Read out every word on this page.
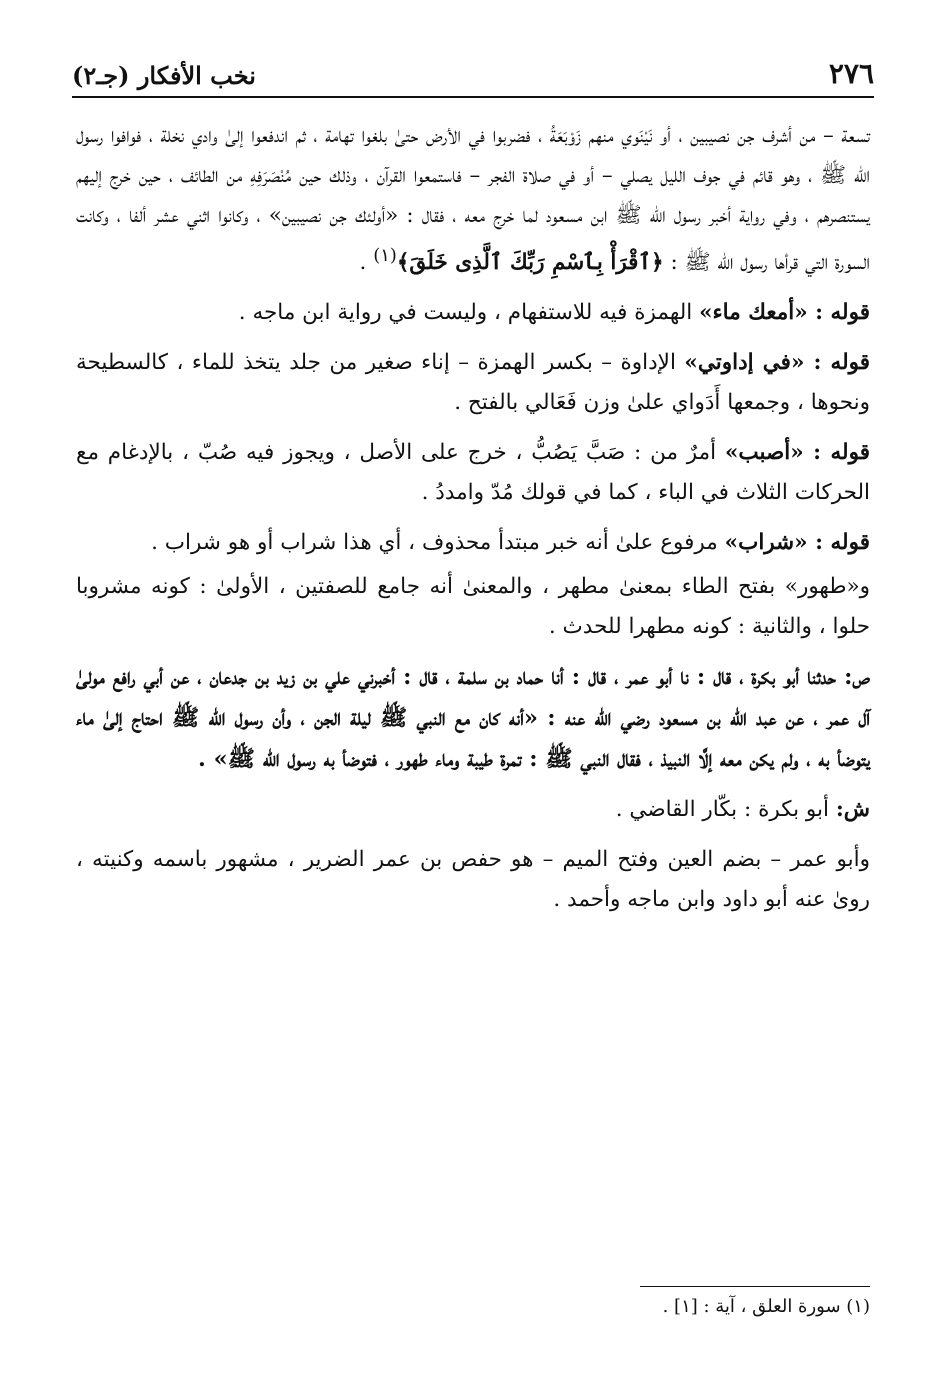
٢٧٦
نخب الأفكار (جـ٢)

تسعة – من أشرف جن نصيبين ، أو نَيْنَوي منهم زَوْبَعَةُ ، فضربوا في الأرض حتىٰ بلغوا تهامة ، ثم اندفعوا إلىٰ وادي نخلة ، فوافوا رسول الله ﷺ ، وهو قائم في جوف الليل يصلي – أو في صلاة الفجر – فاستمعوا القرآن ، وذلك حين مُنْصَرَفِهِ من الطائف ، حين خرج إليهم يستنصرهم ، وفي رواية أخبر رسول الله ﷺ ابن مسعود لما خرج معه ، فقال : «أولئك جن نصيبين» ، وكانوا اثني عشر ألفا ، وكانت السورة التي قرأها رسول الله ﷺ : ﴿ٱقْرَأْ بِٱسْمِ رَبِّكَ ٱلَّذِى خَلَقَ﴾$^{(١)}$ .

قوله : «أمعك ماء» الهمزة فيه للاستفهام ، وليست في رواية ابن ماجه .

قوله : «في إداوتي» الإداوة – بكسر الهمزة – إناء صغير من جلد يتخذ للماء ، كالسطيحة ونحوها ، وجمعها أَدَواي علىٰ وزن فَعَالي بالفتح .

قوله : «أصبب» أمرٌ من : صَبَّ يَصُبُّ ، خرج على الأصل ، ويجوز فيه صُبّ ، بالإدغام مع الحركات الثلاث في الباء ، كما في قولك مُدّ وامددُ .

قوله : «شراب» مرفوع علىٰ أنه خبر مبتدأ محذوف ، أي هذا شراب أو هو شراب .

و«طهور» بفتح الطاء بمعنىٰ مطهر ، والمعنىٰ أنه جامع للصفتين ، الأولىٰ : كونه مشروبا حلوا ، والثانية : كونه مطهرا للحدث .

ص: حدثنا أبو بكرة ، قال : نا أبو عمر ، قال : أنا حماد بن سلمة ، قال : أخبرني علي بن زيد بن جدعان ، عن أبي رافع مولىٰ آل عمر ، عن عبد الله بن مسعود رضي الله عنه : «أنه كان مع النبي ﷺ ليلة الجن ، وأن رسول الله ﷺ احتاج إلىٰ ماء يتوضأ به ، ولم يكن معه إلَّا النبيذ ، فقال النبي ﷺ : تمرة طيبة وماء طهور ، فتوضأ به رسول الله ﷺ» .

ش: أبو بكرة : بكّار القاضي .

وأبو عمر – بضم العين وفتح الميم – هو حفص بن عمر الضرير ، مشهور باسمه وكنيته ، روىٰ عنه أبو داود وابن ماجه وأحمد .

(١) سورة العلق ، آية : [١] .
